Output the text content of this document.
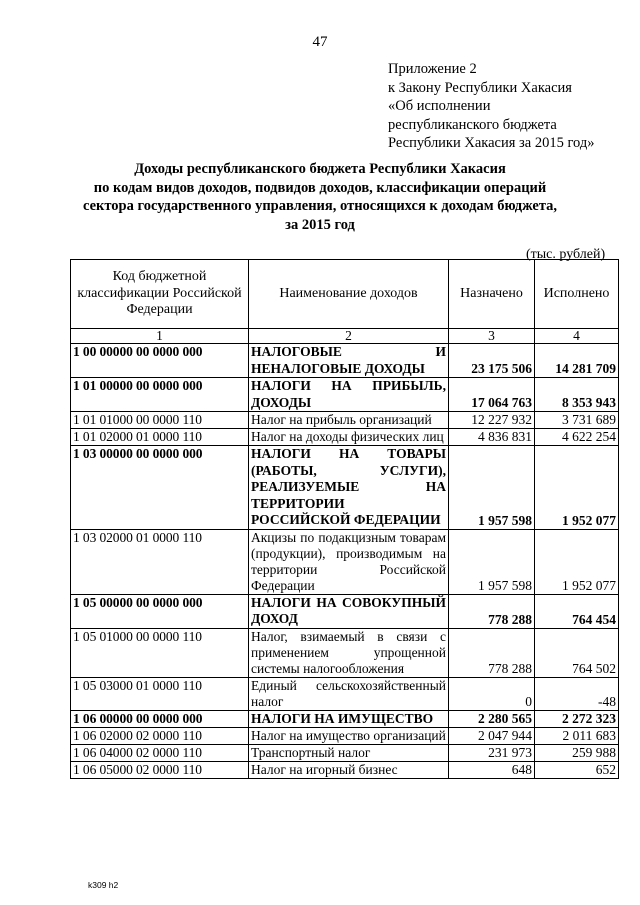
47
Приложение 2
к Закону Республики Хакасия
«Об исполнении
республиканского бюджета
Республики Хакасия за 2015 год»
Доходы республиканского бюджета Республики Хакасия
по кодам видов доходов, подвидов доходов, классификации операций
сектора государственного управления, относящихся к доходам бюджета,
за 2015 год
(тыс. рублей)
Код бюджетной классификации Российской Федерации	Наименование доходов	Назначено	Исполнено
1	2	3	4
1 00 00000 00 0000 000	НАЛОГОВЫЕ И НЕНАЛОГОВЫЕ ДОХОДЫ	23 175 506	14 281 709
1 01 00000 00 0000 000	НАЛОГИ НА ПРИБЫЛЬ, ДОХОДЫ	17 064 763	8 353 943
1 01 01000 00 0000 110	Налог на прибыль организаций	12 227 932	3 731 689
1 01 02000 01 0000 110	Налог на доходы физических лиц	4 836 831	4 622 254
1 03 00000 00 0000 000	НАЛОГИ НА ТОВАРЫ (РАБОТЫ, УСЛУГИ), РЕАЛИЗУЕМЫЕ НА ТЕРРИТОРИИ РОССИЙСКОЙ ФЕДЕРАЦИИ	1 957 598	1 952 077
1 03 02000 01 0000 110	Акцизы по подакцизным товарам (продукции), производимым на территории Российской Федерации	1 957 598	1 952 077
1 05 00000 00 0000 000	НАЛОГИ НА СОВОКУПНЫЙ ДОХОД	778 288	764 454
1 05 01000 00 0000 110	Налог, взимаемый в связи с применением упрощенной системы налогообложения	778 288	764 502
1 05 03000 01 0000 110	Единый сельскохозяйственный налог	0	-48
1 06 00000 00 0000 000	НАЛОГИ НА ИМУЩЕСТВО	2 280 565	2 272 323
1 06 02000 02 0000 110	Налог на имущество организаций	2 047 944	2 011 683
1 06 04000 02 0000 110	Транспортный налог	231 973	259 988
1 06 05000 02 0000 110	Налог на игорный бизнес	648	652
k309 h2
